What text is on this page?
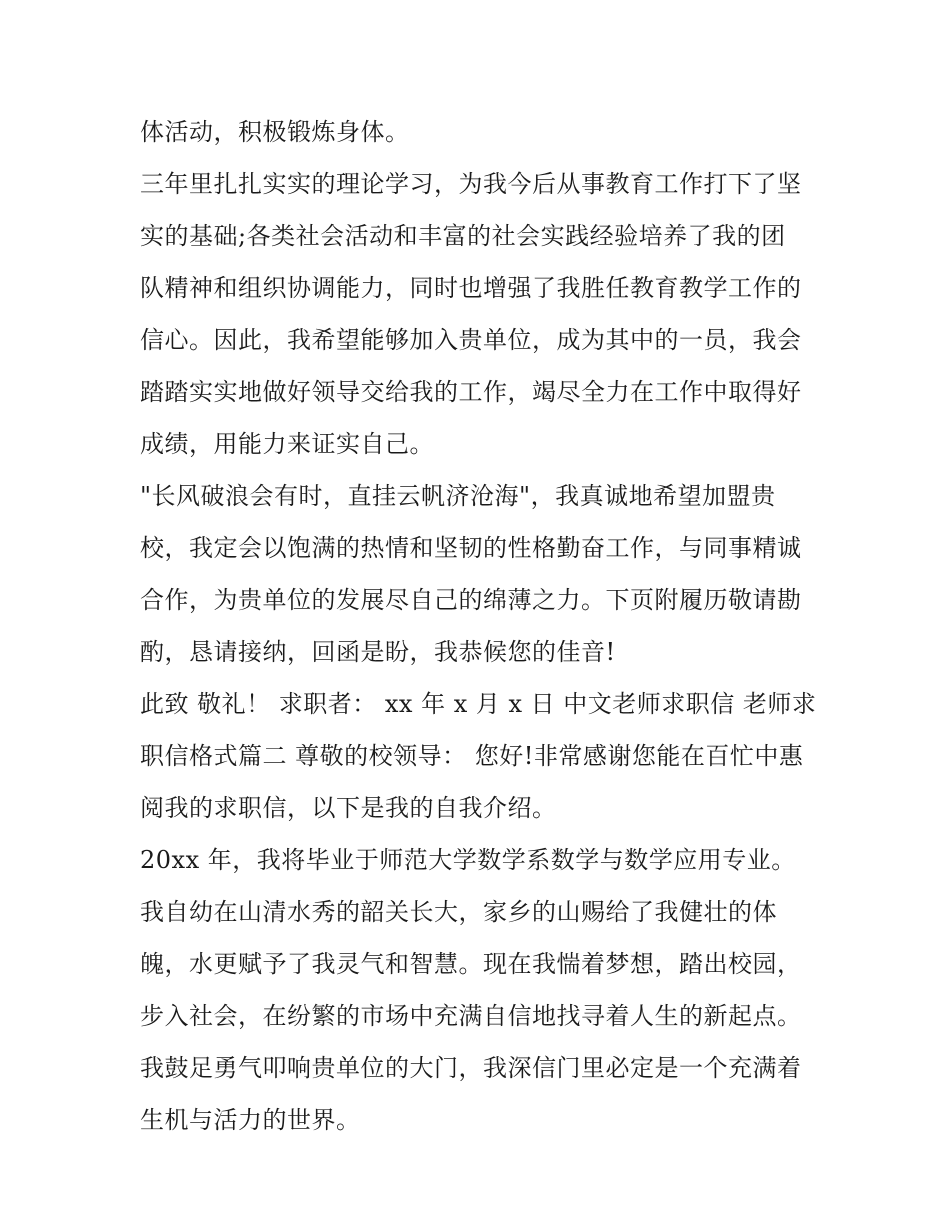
体活动，积极锻炼身体。
三年里扎扎实实的理论学习，为我今后从事教育工作打下了坚
实的基础;各类社会活动和丰富的社会实践经验培养了我的团
队精神和组织协调能力，同时也增强了我胜任教育教学工作的
信心。因此，我希望能够加入贵单位，成为其中的一员，我会
踏踏实实地做好领导交给我的工作，竭尽全力在工作中取得好
成绩，用能力来证实自己。
"长风破浪会有时，直挂云帆济沧海"，我真诚地希望加盟贵
校，我定会以饱满的热情和坚韧的性格勤奋工作，与同事精诚
合作，为贵单位的发展尽自己的绵薄之力。下页附履历敬请勘
酌，恳请接纳，回函是盼，我恭候您的佳音!
此致 敬礼！ 求职者： xx 年 x 月 x 日 中文老师求职信 老师求
职信格式篇二 尊敬的校领导： 您好!非常感谢您能在百忙中惠
阅我的求职信，以下是我的自我介绍。
20xx 年，我将毕业于师范大学数学系数学与数学应用专业。
我自幼在山清水秀的韶关长大，家乡的山赐给了我健壮的体
魄，水更赋予了我灵气和智慧。现在我惴着梦想，踏出校园，
步入社会，在纷繁的市场中充满自信地找寻着人生的新起点。
我鼓足勇气叩响贵单位的大门，我深信门里必定是一个充满着
生机与活力的世界。
